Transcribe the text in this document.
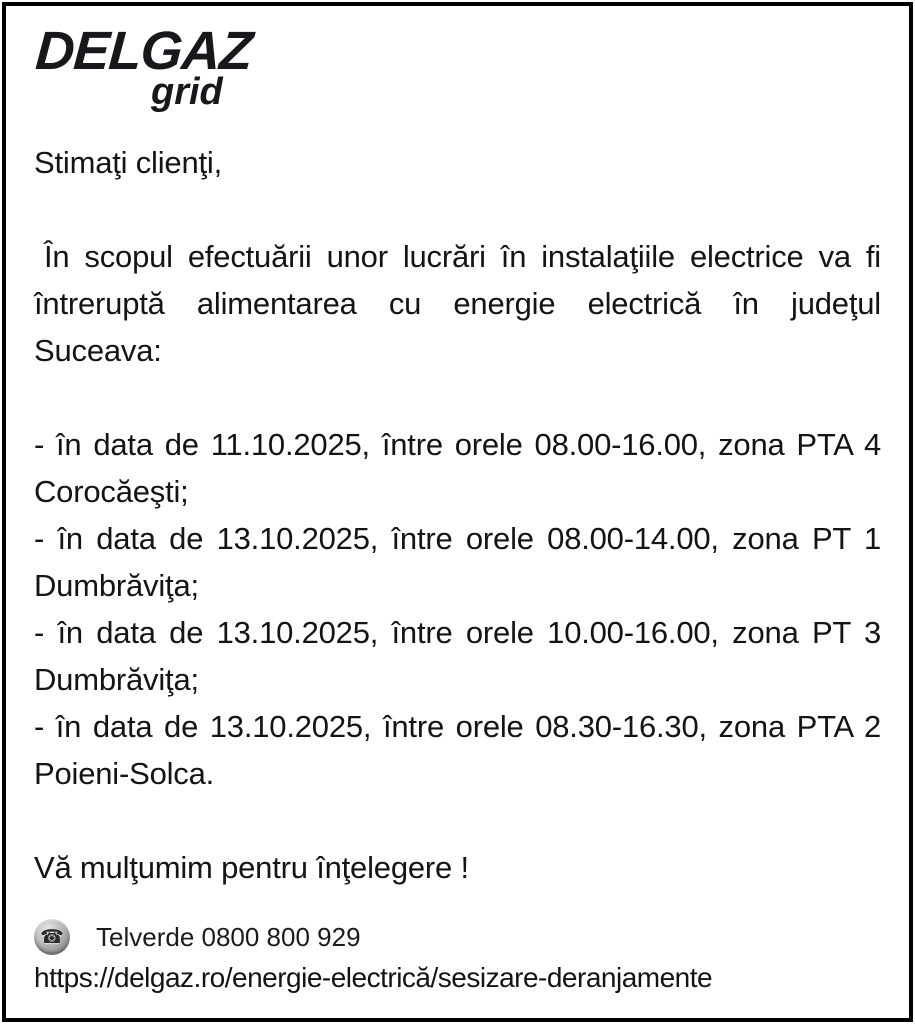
DELGAZ
grid
Stimaţi clienţi,
În scopul efectuării unor lucrări în instalaţiile electrice va fi
întreruptă alimentarea cu energie electrică în judeţul
Suceava:
- în data de 11.10.2025, între orele 08.00-16.00, zona PTA 4
Corocăeşti;
- în data de 13.10.2025, între orele 08.00-14.00, zona PT 1
Dumbrăviţa;
- în data de 13.10.2025, între orele 10.00-16.00, zona PT 3
Dumbrăviţa;
- în data de 13.10.2025, între orele 08.30-16.30, zona PTA 2
Poieni-Solca.
Vă mulţumim pentru înţelegere !
☎ Telverde 0800 800 929
https://delgaz.ro/energie-electrică/sesizare-deranjamente
